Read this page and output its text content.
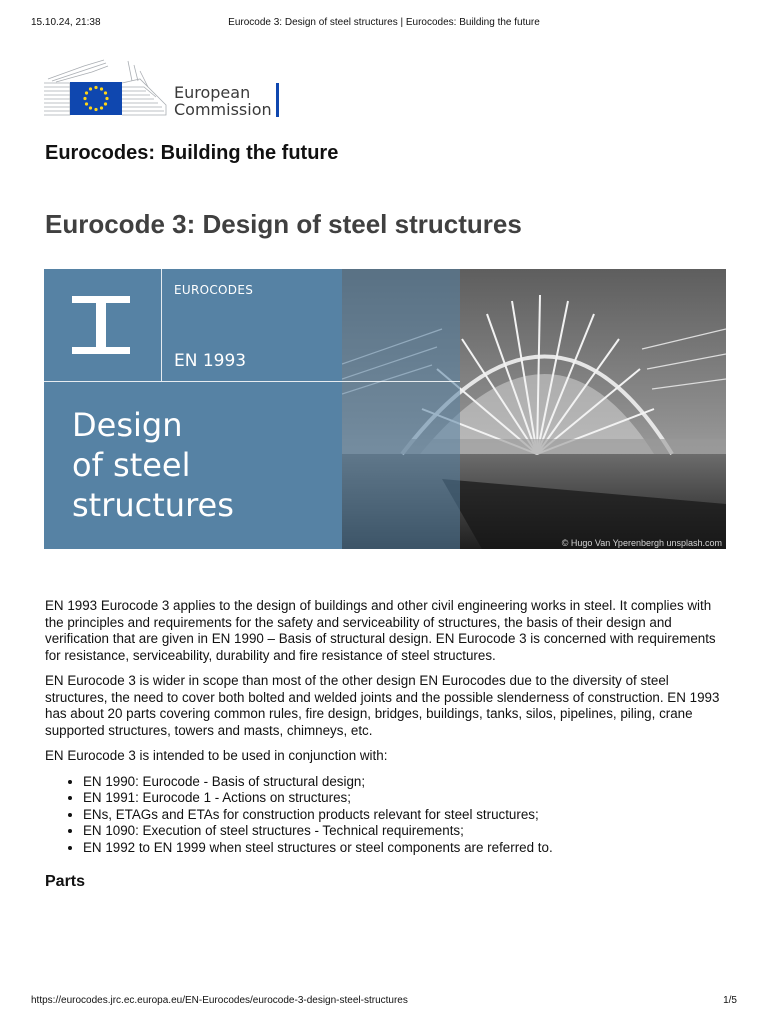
15.10.24, 21:38	Eurocode 3: Design of steel structures | Eurocodes: Building the future
European
Commission
Eurocodes: Building the future
Eurocode 3: Design of steel structures
EUROCODES
EN 1993
Design
of steel
structures
© Hugo Van Yperenbergh unsplash.com

EN 1993 Eurocode 3 applies to the design of buildings and other civil engineering works in steel. It complies with the principles and requirements for the safety and serviceability of structures, the basis of their design and verification that are given in EN 1990 – Basis of structural design. EN Eurocode 3 is concerned with requirements for resistance, serviceability, durability and fire resistance of steel structures.

EN Eurocode 3 is wider in scope than most of the other design EN Eurocodes due to the diversity of steel structures, the need to cover both bolted and welded joints and the possible slenderness of construction. EN 1993 has about 20 parts covering common rules, fire design, bridges, buildings, tanks, silos, pipelines, piling, crane supported structures, towers and masts, chimneys, etc.

EN Eurocode 3 is intended to be used in conjunction with:

• EN 1990: Eurocode - Basis of structural design;
• EN 1991: Eurocode 1 - Actions on structures;
• ENs, ETAGs and ETAs for construction products relevant for steel structures;
• EN 1090: Execution of steel structures - Technical requirements;
• EN 1992 to EN 1999 when steel structures or steel components are referred to.
Parts
https://eurocodes.jrc.ec.europa.eu/EN-Eurocodes/eurocode-3-design-steel-structures	1/5
